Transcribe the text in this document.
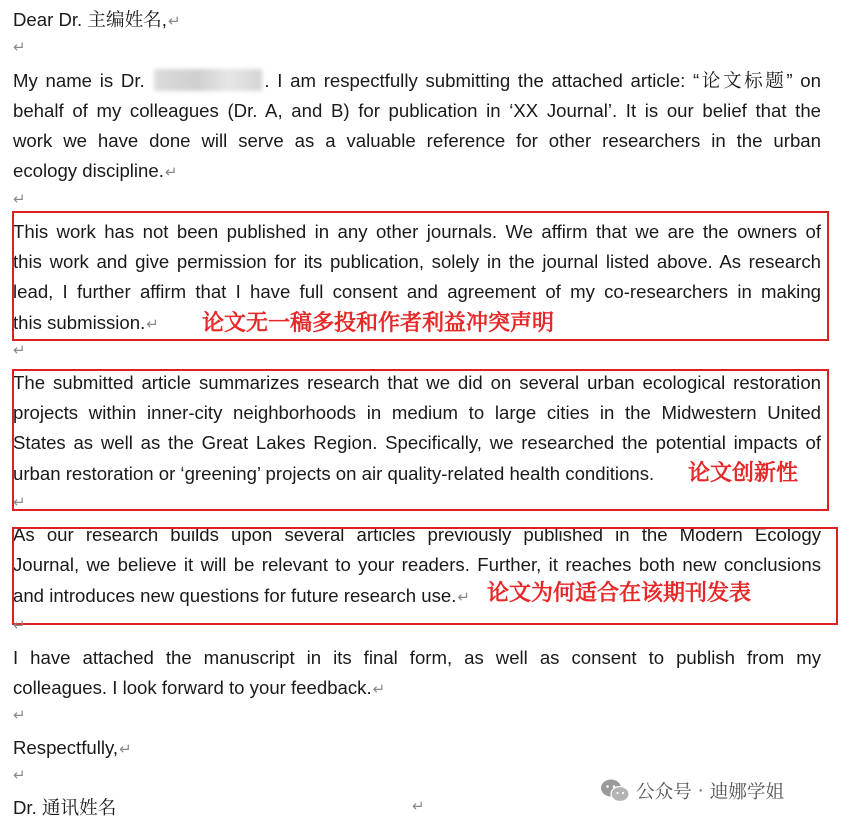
Dear Dr. 主编姓名,↵
↵
My name is Dr.	. I am respectfully submitting the attached article: “论文标题” on
behalf of my colleagues (Dr. A, and B) for publication in ‘XX Journal’. It is our belief that the
work we have done will serve as a valuable reference for other researchers in the urban
ecology discipline.↵
↵
This work has not been published in any other journals. We affirm that we are the owners of
this work and give permission for its publication, solely in the journal listed above. As research
lead, I further affirm that I have full consent and agreement of my co-researchers in making
this submission.↵	论文无一稿多投和作者利益冲突声明
↵
The submitted article summarizes research that we did on several urban ecological restoration
projects within inner-city neighborhoods in medium to large cities in the Midwestern United
States as well as the Great Lakes Region. Specifically, we researched the potential impacts of
urban restoration or ‘greening’ projects on air quality-related health conditions.	论文创新性
↵
As our research builds upon several articles previously published in the Modern Ecology
Journal, we believe it will be relevant to your readers. Further, it reaches both new conclusions
and introduces new questions for future research use.↵ 论文为何适合在该期刊发表
↵
I have attached the manuscript in its final form, as well as consent to publish from my
colleagues. I look forward to your feedback.↵
↵
Respectfully,↵
↵
Dr. 通讯姓名	↵
公众号 · 迪娜学姐
